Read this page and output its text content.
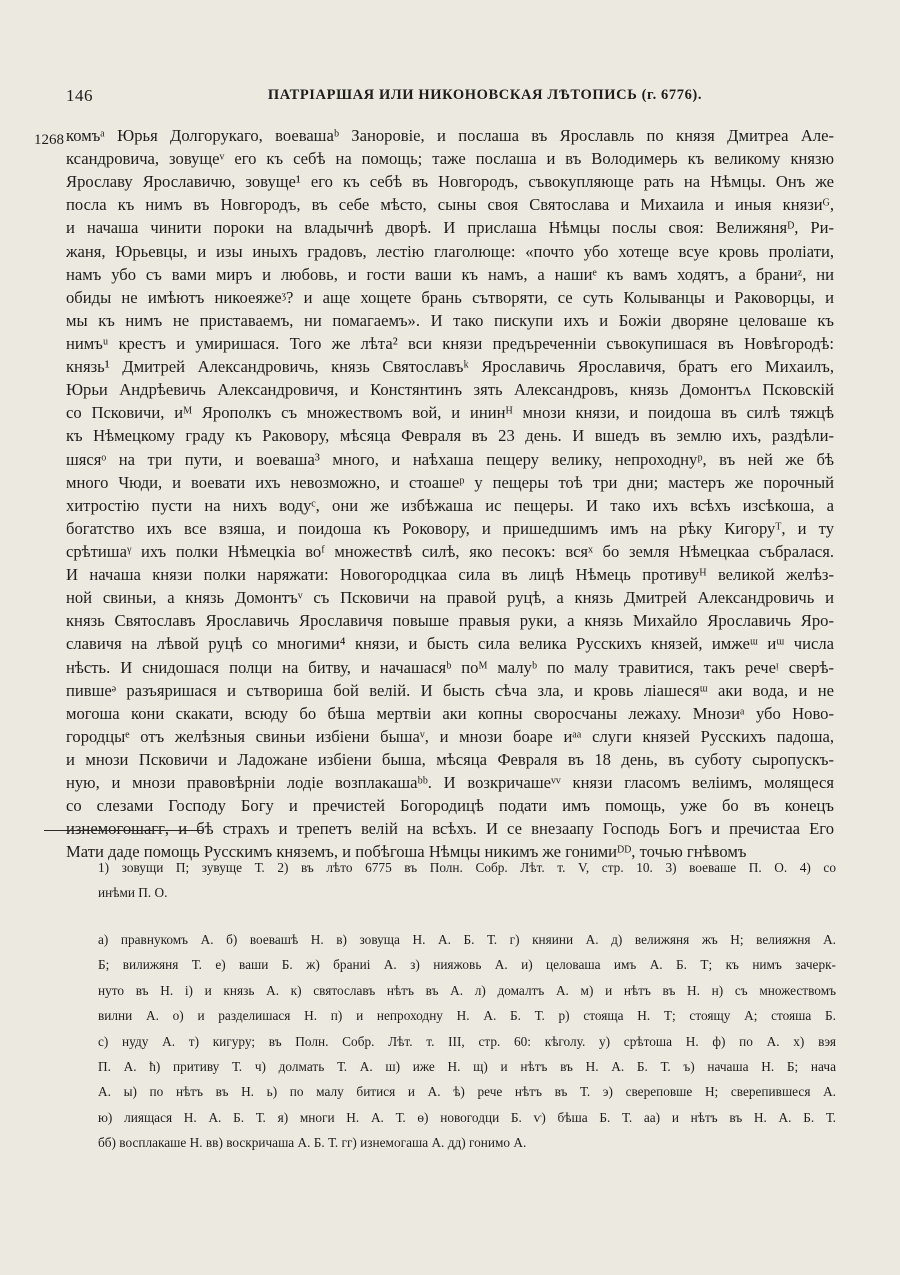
146	ПАТРІАРШАЯ ИЛИ НИКОНОВСКАЯ ЛѢТОПИСЬ (г. 6776).
1268 комъᵃ Юрья Долгорукаго, воевашаᵇ Заноровіе, и послаша въ Ярославль по князя Дмитреа Але-
ксандровича, зовущеᵛ его къ себѣ на помощь; таже послаша и въ Володимерь къ великому князю
Ярославу Ярославичю, зовуще¹ его къ себѣ въ Новгородъ, съвокупляюще рать на Нѣмцы. Онъ же
посла къ нимъ въ Новгородъ, въ себе мѣсто, сыны своя Святослава и Михаила и иныя князиᴳ,
и начаша чинити пороки на владычнѣ дворѣ. И прислаша Нѣмцы послы своя: Велижяняᴰ, Ри-
жаня, Юрьевцы, и изы иныхъ градовъ, лестію глаголюще: «почто убо хотеще всуе кровь проліати,
намъ убо съ вами миръ и любовь, и гости ваши къ намъ, а нашиᵉ къ вамъ ходятъ, а браниᶻ, ни
обиды не имѣютъ никоеяжеᶾ? и аще хощете брань сътворяти, се суть Колыванцы и Раковорцы, и
мы къ нимъ не приставаемъ, ни помагаемъ». И тако пискупи ихъ и Божіи дворяне целоваше къ
нимъᵘ крестъ и умиришася. Того же лѣта² вси князи предъреченніи съвокупишася въ Новѣгородѣ:
князь¹ Дмитрей Александровичь, князь Святославъᵏ Ярославичь Ярославичя, братъ его Михаилъ,
Юрьи Андрѣевичь Александровичя, и Констянтинъ зять Александровъ, князь Домонтъᴧ Псковскій
со Псковичи, иᴹ Ярополкъ съ множествомъ вой, и ининᴴ мнози князи, и поидоша въ силѣ тяжцѣ
къ Нѣмецкому граду къ Раковору, мѣсяца Февраля въ 23 день. И вшедъ въ землю ихъ, раздѣли-
шясяᵒ на три пути, и воеваша³ много, и наѣхаша пещеру велику, непроходнуᵖ, въ ней же бѣ
много Чюди, и воевати ихъ невозможно, и стоашеᵖ у пещеры тоѣ три дни; мастеръ же порочный
хитростію пусти на нихъ водуᶜ, они же избѣжаша ис пещеры. И тако ихъ всѣхъ изсѣкоша, а
богатство ихъ все взяша, и поидоша къ Роковору, и пришедшимъ имъ на рѣку Кигоруᵀ, и ту
срѣтишаᵞ ихъ полки Нѣмецкіа воᶠ множествѣ силѣ, яко песокъ: всяˣ бо земля Нѣмецкаа събралася.
И начаша князи полки наряжати: Новогородцкаа сила въ лицѣ Нѣмець противуᴴ великой желѣз-
ной свиньи, а князь Домонтъᵛ съ Псковичи на правой руцѣ, а князь Дмитрей Александровичь и
князь Святославъ Ярославичь Ярославичя повыше правыя руки, а князь Михайло Ярославичь Яро-
славичя на лѣвой руцѣ со многими⁴ князи, и бысть сила велика Русскихъ князей, имжеᵚ иᵚ числа
нѣсть. И снидошася полци на битву, и начашасяᵇ поᴹ малуᵇ по малу травитися, такъ речеᵎ сверѣ-
пившеᵊ разъяришася и сътвориша бой велій. И бысть сѣча зла, и кровь ліашесяᵚ аки вода, и не
могоша кони скакати, всюду бо бѣша мертвіи аки копны своросчаны лежаху. Мнозиᵃ убо Ново-
городцыᵉ отъ желѣзныя свиньи избіени бышаᵛ, и мнози боаре иᵃᵃ слуги князей Русскихъ падоша,
и мнози Псковичи и Ладожане избіени быша, мѣсяца Февраля въ 18 день, въ суботу сыропускъ-
ную, и мнози правовѣрніи лодіе возплакашаᵇᵇ. И возкричашеᵛᵛ князи гласомъ веліимъ, молящеся
со слезами Господу Богу и пречистей Богородицѣ подати имъ помощь, уже бо въ конецъ
изнемогошаᴦᴦ, и бѣ страхъ и трепетъ велій на всѣхъ. И се внезаапу Господь Богъ и пречистаа Его
Мати даде помощь Русскимъ княземъ, и побѣгоша Нѣмцы никимъ же гонимиᴰᴰ, точью гнѣвомъ
1) зовущи П; зувуще Т. 2) въ лѣто 6775 въ Полн. Собр. Лѣт. т. V, стр. 10. 3) воеваше П. О. 4) со
инѣми П. О.
а) правнукомъ А. б) воевашѣ Н. в) зовуща Н. А. Б. Т. г) княини А. д) велижяня жъ Н; велияжня А.
Б; вилижяня Т. е) ваши Б. ж) браниi А. з) нияжовь А. и) целоваша имъ А. Б. Т; къ нимъ зачерк-
нуто въ Н. i) и князь А. к) святославъ нѣтъ въ А. л) домалтъ А. м) и нѣтъ въ Н. н) съ множествомъ
вилни А. о) и разделишася Н. п) и непроходну Н. А. Б. Т. р) стояща Н. Т; стоящу А; стояша Б.
с) нуду А. т) кигуру; въ Полн. Собр. Лѣт. т. III, стр. 60: кѣголу. у) срѣтоша Н. ф) по А. х) вэя
П. А. ћ) притиву Т. ч) долмать Т. А. ш) иже Н. щ) и нѣтъ въ Н. А. Б. Т. ъ) начаша Н. Б; нача
А. ы) по нѣтъ въ Н. ь) по малу битися и А. ѣ) рече нѣтъ въ Т. э) свереповше Н; сверепившеся А.
ю) лиящася Н. А. Б. Т. я) многи Н. А. Т. ѳ) новогодци Б. ѵ) бѣша Б. Т. аа) и нѣтъ въ Н. А. Б. Т.
бб) восплакаше Н. вв) воскричаша А. Б. Т. гг) изнемогаша А. дд) гонимо А.
